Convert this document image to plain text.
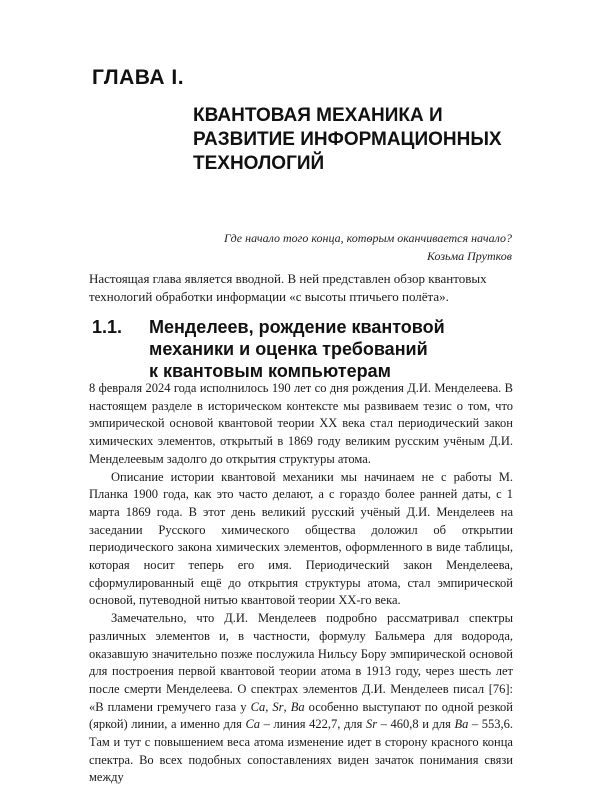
ГЛАВА I.
КВАНТОВАЯ МЕХАНИКА И
РАЗВИТИЕ ИНФОРМАЦИОННЫХ
ТЕХНОЛОГИЙ
Где начало того конца, котѳрым оканчивается начало?
Козьма Прутков
Настоящая глава является вводной. В ней представлен обзор квантовых технологий обработки информации «с высоты птичьего полёта».
1.1. Менделеев, рождение квантовой
механики и оценка требований
к квантовым компьютерам

8 февраля 2024 года исполнилось 190 лет со дня рождения Д.И. Менделеева. В настоящем разделе в историческом контексте мы развиваем тезис о том, что эмпирической основой квантовой теории XX века стал периодический закон химических элементов, открытый в 1869 году великим русским учёным Д.И. Менделеевым задолго до открытия структуры атома.

Описание истории квантовой механики мы начинаем не с работы М. Планка 1900 года, как это часто делают, а с гораздо более ранней даты, с 1 марта 1869 года. В этот день великий русский учёный Д.И. Менделеев на заседании Русского химического общества доложил об открытии периодического закона химических элементов, оформленного в виде таблицы, которая носит теперь его имя. Периодический закон Менделеева, сформулированный ещё до открытия структуры атома, стал эмпирической основой, путеводной нитью квантовой теории XX-го века.

Замечательно, что Д.И. Менделеев подробно рассматривал спектры различных элементов и, в частности, формулу Бальмера для водорода, оказавшую значительно позже послужила Нильсу Бору эмпирической основой для построения первой квантовой теории атома в 1913 году, через шесть лет после смерти Менделеева. О спектрах элементов Д.И. Менделеев писал [76]: «В пламени гремучего газа у Ca, Sr, Ba особенно выступают по одной резкой (яркой) линии, а именно для Ca – линия 422,7, для Sr – 460,8 и для Ba – 553,6. Там и тут с повышением веса атома изменение идет в сторону красного конца спектра. Во всех подобных сопоставлениях виден зачаток понимания связи между
